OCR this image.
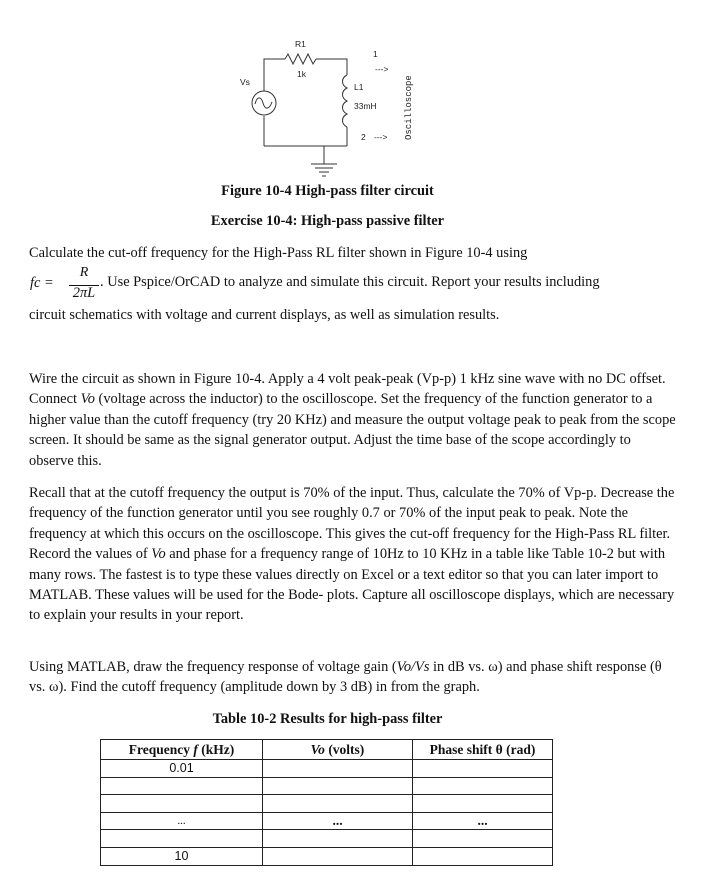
R1
1k
Vs	L1
33mH
1
2
--->
---> Oscilloscope
Figure 10-4 High-pass filter circuit
Exercise 10-4: High-pass passive filter
Calculate the cut-off frequency for the High-Pass RL filter shown in Figure 10-4 using
fc =
R
2πL
. Use Pspice/OrCAD to analyze and simulate this circuit. Report your results including
circuit schematics with voltage and current displays, as well as simulation results.

Wire the circuit as shown in Figure 10-4. Apply a 4 volt peak-peak (Vp-p) 1 kHz sine wave with no DC offset. Connect Vo (voltage across the inductor) to the oscilloscope. Set the frequency of the function generator to a higher value than the cutoff frequency (try 20 KHz) and measure the output voltage peak to peak from the scope screen. It should be same as the signal generator output. Adjust the time base of the scope accordingly to observe this.

Recall that at the cutoff frequency the output is 70% of the input. Thus, calculate the 70% of Vp-p. Decrease the frequency of the function generator until you see roughly 0.7 or 70% of the input peak to peak. Note the frequency at which this occurs on the oscilloscope. This gives the cut-off frequency for the High-Pass RL filter. Record the values of Vo and phase for a frequency range of 10Hz to 10 KHz in a table like Table 10-2 but with many rows. The fastest is to type these values directly on Excel or a text editor so that you can later import to MATLAB. These values will be used for the Bode- plots. Capture all oscilloscope displays, which are necessary to explain your results in your report.

Using MATLAB, draw the frequency response of voltage gain (Vo/Vs in dB vs. ω) and phase shift response (θ vs. ω). Find the cutoff frequency (amplitude down by 3 dB) in from the graph.

Table 10-2 Results for high-pass filter
Frequency f (kHz)	Vo (volts)	Phase shift θ (rad)
0.01		

...	...	...

10		
